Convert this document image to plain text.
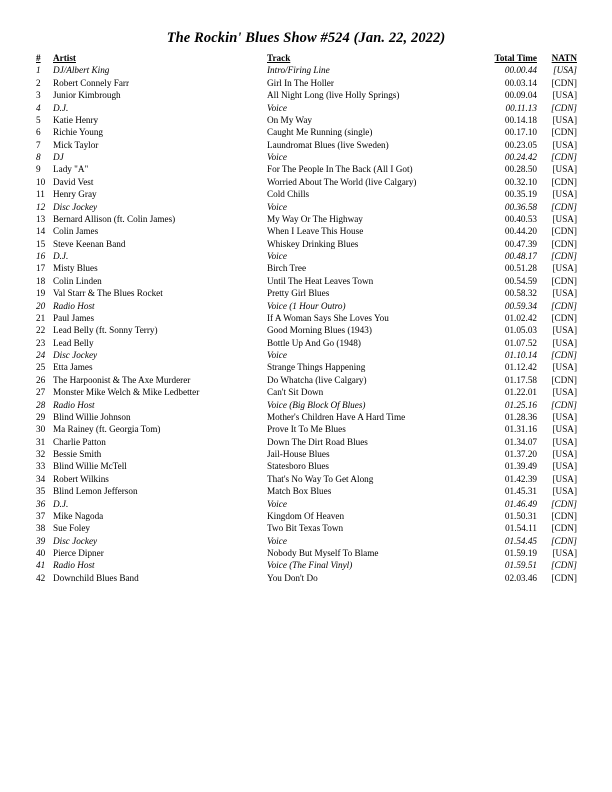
The Rockin' Blues Show #524 (Jan. 22, 2022)
#	Artist	Track	Total Time	NATN
1	DJ/Albert King	Intro/Firing Line	00.00.44	[USA]
2	Robert Connely Farr	Girl In The Holler	00.03.14	[CDN]
3	Junior Kimbrough	All Night Long (live Holly Springs)	00.09.04	[USA]
4	D.J.	Voice	00.11.13	[CDN]
5	Katie Henry	On My Way	00.14.18	[USA]
6	Richie Young	Caught Me Running (single)	00.17.10	[CDN]
7	Mick Taylor	Laundromat Blues (live Sweden)	00.23.05	[USA]
8	DJ	Voice	00.24.42	[CDN]
9	Lady "A"	For The People In The Back (All I Got)	00.28.50	[USA]
10	David Vest	Worried About The World (live Calgary)	00.32.10	[CDN]
11	Henry Gray	Cold Chills	00.35.19	[USA]
12	Disc Jockey	Voice	00.36.58	[CDN]
13	Bernard Allison (ft. Colin James)	My Way Or The Highway	00.40.53	[USA]
14	Colin James	When I Leave This House	00.44.20	[CDN]
15	Steve Keenan Band	Whiskey Drinking Blues	00.47.39	[CDN]
16	D.J.	Voice	00.48.17	[CDN]
17	Misty Blues	Birch Tree	00.51.28	[USA]
18	Colin Linden	Until The Heat Leaves Town	00.54.59	[CDN]
19	Val Starr & The Blues Rocket	Pretty Girl Blues	00.58.32	[USA]
20	Radio Host	Voice (1 Hour Outro)	00.59.34	[CDN]
21	Paul James	If A Woman Says She Loves You	01.02.42	[CDN]
22	Lead Belly (ft. Sonny Terry)	Good Morning Blues (1943)	01.05.03	[USA]
23	Lead Belly	Bottle Up And Go (1948)	01.07.52	[USA]
24	Disc Jockey	Voice	01.10.14	[CDN]
25	Etta James	Strange Things Happening	01.12.42	[USA]
26	The Harpoonist & The Axe Murderer	Do Whatcha (live Calgary)	01.17.58	[CDN]
27	Monster Mike Welch & Mike Ledbetter	Can't Sit Down	01.22.01	[USA]
28	Radio Host	Voice (Big Block Of Blues)	01.25.16	[CDN]
29	Blind Willie Johnson	Mother's Children Have A Hard Time	01.28.36	[USA]
30	Ma Rainey (ft. Georgia Tom)	Prove It To Me Blues	01.31.16	[USA]
31	Charlie Patton	Down The Dirt Road Blues	01.34.07	[USA]
32	Bessie Smith	Jail-House Blues	01.37.20	[USA]
33	Blind Willie McTell	Statesboro Blues	01.39.49	[USA]
34	Robert Wilkins	That's No Way To Get Along	01.42.39	[USA]
35	Blind Lemon Jefferson	Match Box Blues	01.45.31	[USA]
36	D.J.	Voice	01.46.49	[CDN]
37	Mike Nagoda	Kingdom Of Heaven	01.50.31	[CDN]
38	Sue Foley	Two Bit Texas Town	01.54.11	[CDN]
39	Disc Jockey	Voice	01.54.45	[CDN]
40	Pierce Dipner	Nobody But Myself To Blame	01.59.19	[USA]
41	Radio Host	Voice (The Final Vinyl)	01.59.51	[CDN]
42	Downchild Blues Band	You Don't Do	02.03.46	[CDN]
